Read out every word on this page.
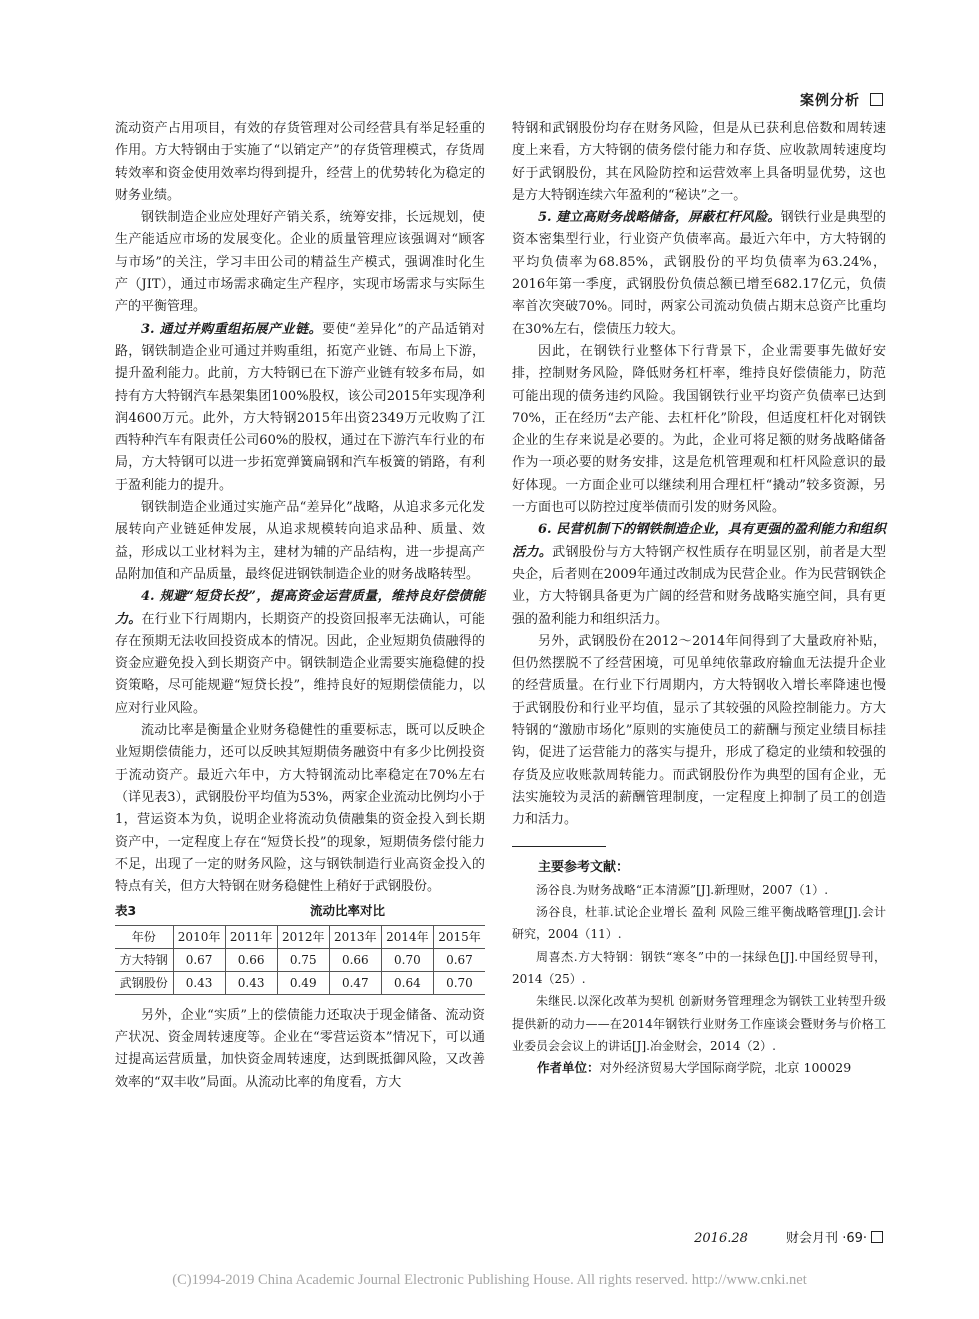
案例分析

流动资产占用项目，有效的存货管理对公司经营具有举足轻重的作用。方大特钢由于实施了“以销定产”的存货管理模式，存货周转效率和资金使用效率均得到提升，经营上的优势转化为稳定的财务业绩。

钢铁制造企业应处理好产销关系，统筹安排，长远规划，使生产能适应市场的发展变化。企业的质量管理应该强调对“顾客与市场”的关注，学习丰田公司的精益生产模式，强调准时化生产（JIT），通过市场需求确定生产程序，实现市场需求与实际生产的平衡管理。

3. 通过并购重组拓展产业链。要使“差异化”的产品适销对路，钢铁制造企业可通过并购重组，拓宽产业链、布局上下游，提升盈利能力。此前，方大特钢已在下游产业链有较多布局，如持有方大特钢汽车悬架集团100%股权，该公司2015年实现净利润4600万元。此外，方大特钢2015年出资2349万元收购了江西特种汽车有限责任公司60%的股权，通过在下游汽车行业的布局，方大特钢可以进一步拓宽弹簧扁钢和汽车板簧的销路，有利于盈利能力的提升。

钢铁制造企业通过实施产品“差异化”战略，从追求多元化发展转向产业链延伸发展，从追求规模转向追求品种、质量、效益，形成以工业材料为主，建材为辅的产品结构，进一步提高产品附加值和产品质量，最终促进钢铁制造企业的财务战略转型。

4. 规避“短贷长投”，提高资金运营质量，维持良好偿债能力。在行业下行周期内，长期资产的投资回报率无法确认，可能存在预期无法收回投资成本的情况。因此，企业短期负债融得的资金应避免投入到长期资产中。钢铁制造企业需要实施稳健的投资策略，尽可能规避“短贷长投”，维持良好的短期偿债能力，以应对行业风险。

流动比率是衡量企业财务稳健性的重要标志，既可以反映企业短期偿债能力，还可以反映其短期债务融资中有多少比例投资于流动资产。最近六年中，方大特钢流动比率稳定在70%左右（详见表3），武钢股份平均值为53%，两家企业流动比例均小于1，营运资本为负，说明企业将流动负债融集的资金投入到长期资产中，一定程度上存在“短贷长投”的现象，短期债务偿付能力不足，出现了一定的财务风险，这与钢铁制造行业高资金投入的特点有关，但方大特钢在财务稳健性上稍好于武钢股份。

表3	流动比率对比
年份	2010年	2011年	2012年	2013年	2014年	2015年
方大特钢	0.67	0.66	0.75	0.66	0.70	0.67
武钢股份	0.43	0.43	0.49	0.47	0.64	0.70

另外，企业“实质”上的偿债能力还取决于现金储备、流动资产状况、资金周转速度等。企业在“零营运资本”情况下，可以通过提高运营质量，加快资金周转速度，达到既抵御风险，又改善效率的“双丰收”局面。从流动比率的角度看，方大

特钢和武钢股份均存在财务风险，但是从已获利息倍数和周转速度上来看，方大特钢的债务偿付能力和存货、应收款周转速度均好于武钢股份，其在风险防控和运营效率上具备明显优势，这也是方大特钢连续六年盈利的“秘诀”之一。

5. 建立高财务战略储备，屏蔽杠杆风险。钢铁行业是典型的资本密集型行业，行业资产负债率高。最近六年中，方大特钢的平均负债率为68.85%，武钢股份的平均负债率为63.24%，2016年第一季度，武钢股份负债总额已增至682.17亿元，负债率首次突破70%。同时，两家公司流动负债占期末总资产比重均在30%左右，偿债压力较大。

因此，在钢铁行业整体下行背景下，企业需要事先做好安排，控制财务风险，降低财务杠杆率，维持良好偿债能力，防范可能出现的债务违约风险。我国钢铁行业平均资产负债率已达到70%，正在经历“去产能、去杠杆化”阶段，但适度杠杆化对钢铁企业的生存来说是必要的。为此，企业可将足额的财务战略储备作为一项必要的财务安排，这是危机管理观和杠杆风险意识的最好体现。一方面企业可以继续利用合理杠杆“撬动”较多资源，另一方面也可以防控过度举债而引发的财务风险。

6. 民营机制下的钢铁制造企业，具有更强的盈利能力和组织活力。武钢股份与方大特钢产权性质存在明显区别，前者是大型央企，后者则在2009年通过改制成为民营企业。作为民营钢铁企业，方大特钢具备更为广阔的经营和财务战略实施空间，具有更强的盈利能力和组织活力。

另外，武钢股份在2012～2014年间得到了大量政府补贴，但仍然摆脱不了经营困境，可见单纯依靠政府输血无法提升企业的经营质量。在行业下行周期内，方大特钢收入增长率降速也慢于武钢股份和行业平均值，显示了其较强的风险控制能力。方大特钢的“激励市场化”原则的实施使员工的薪酬与预定业绩目标挂钩，促进了运营能力的落实与提升，形成了稳定的业绩和较强的存货及应收账款周转能力。而武钢股份作为典型的国有企业，无法实施较为灵活的薪酬管理制度，一定程度上抑制了员工的创造力和活力。

主要参考文献：

汤谷良.为财务战略“正本清源”[J].新理财，2007（1）.

汤谷良，杜菲.试论企业增长 盈利 风险三维平衡战略管理[J].会计研究，2004（11）.

周喜杰.方大特钢：钢铁“寒冬”中的一抹绿色[J].中国经贸导刊，2014（25）.

朱继民.以深化改革为契机 创新财务管理理念为钢铁工业转型升级提供新的动力——在2014年钢铁行业财务工作座谈会暨财务与价格工业委员会会议上的讲话[J].冶金财会，2014（2）.

作者单位：对外经济贸易大学国际商学院，北京 100029

2016.28	财会月刊 ·69·
(C)1994-2019 China Academic Journal Electronic Publishing House. All rights reserved. http://www.cnki.net
